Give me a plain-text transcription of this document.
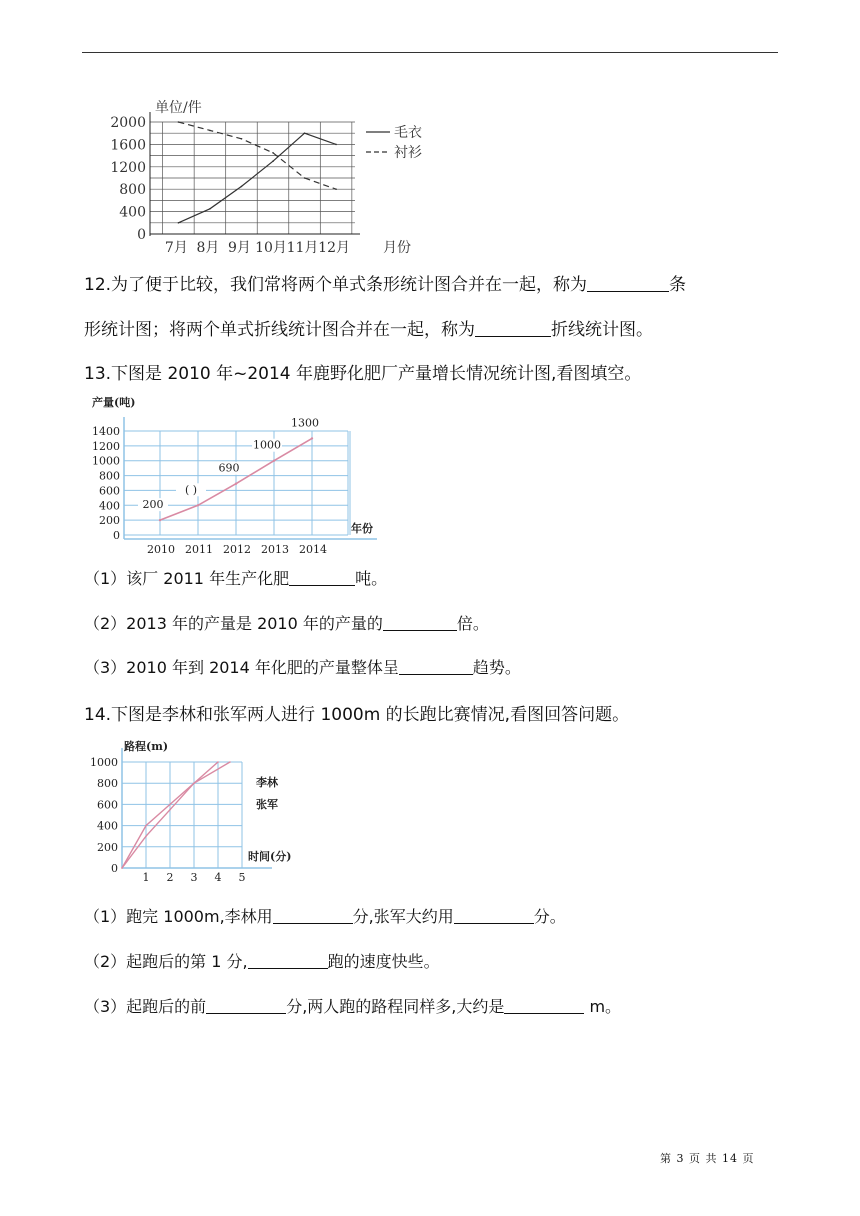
单位/件
0
400
800
1200
1600
2000
7月 8月 9月 10月 11月 12月 月份
毛衣
衬衫
12.为了便于比较，我们常将两个单式条形统计图合并在一起，称为	条
形统计图；将两个单式折线统计图合并在一起，称为	折线统计图。
13.下图是 2010 年~2014 年鹿野化肥厂产量增长情况统计图,看图填空。
产量(吨)
0
200
400
600
800
1000
1200
1400
2010 2011 2012 2013 2014
年份
200
( )
690
1000
1300
（1）该厂 2011 年生产化肥	吨。
（2）2013 年的产量是 2010 年的产量的	倍。
（3）2010 年到 2014 年化肥的产量整体呈	趋势。
14.下图是李林和张军两人进行 1000m 的长跑比赛情况,看图回答问题。
路程(m)
0
200
400
600
800
1000
1 2 3 4 5
时间(分)
李林
张军
（1）跑完 1000m,李林用	分,张军大约用	分。
（2）起跑后的第 1 分,	跑的速度快些。
（3）起跑后的前	分,两人跑的路程同样多,大约是	m。
第 3 页 共 14 页
